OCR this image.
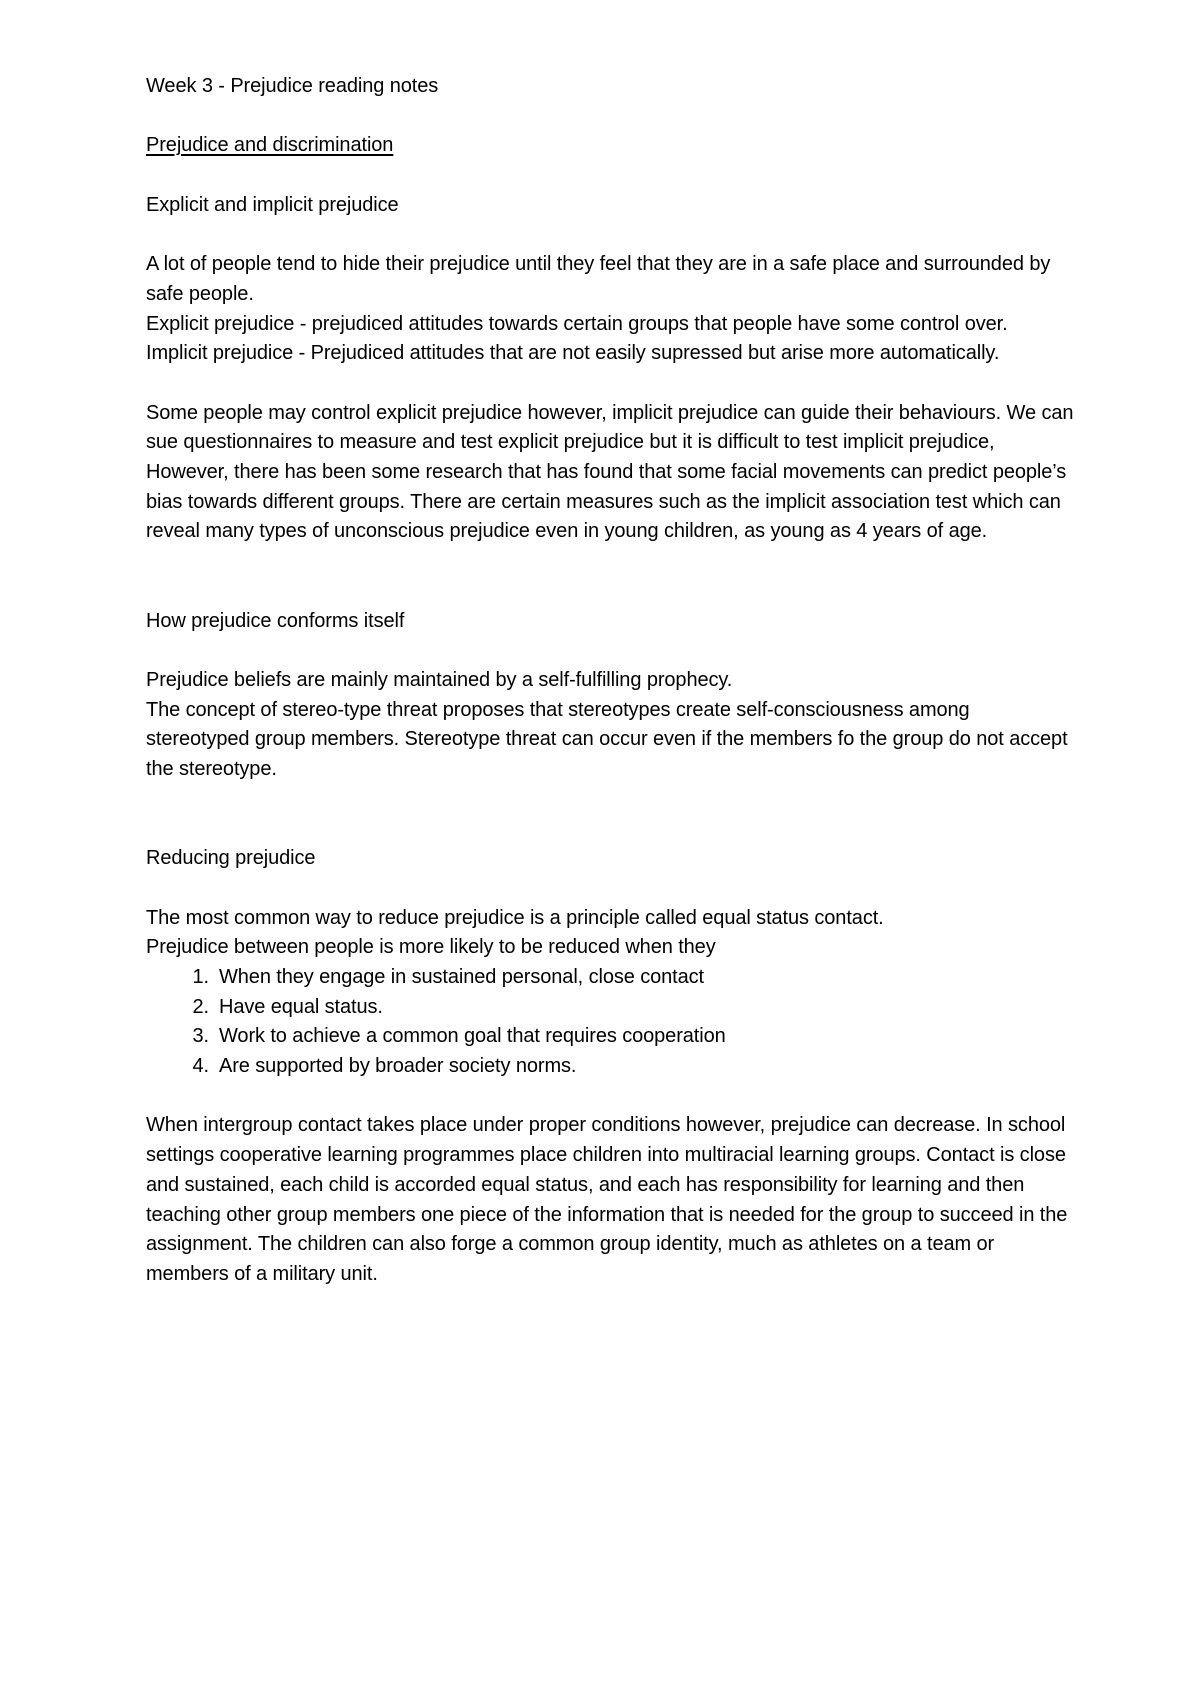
Week 3 - Prejudice reading notes

Prejudice and discrimination

Explicit and implicit prejudice

A lot of people tend to hide their prejudice until they feel that they are in a safe place and surrounded by safe people.

Explicit prejudice - prejudiced attitudes towards certain groups that people have some control over.

Implicit prejudice - Prejudiced attitudes that are not easily supressed but arise more automatically.

Some people may control explicit prejudice however, implicit prejudice can guide their behaviours. We can sue questionnaires to measure and test explicit prejudice but it is difficult to test implicit prejudice, However, there has been some research that has found that some facial movements can predict people’s bias towards different groups. There are certain measures such as the implicit association test which can reveal many types of unconscious prejudice even in young children, as young as 4 years of age.

How prejudice conforms itself

Prejudice beliefs are mainly maintained by a self-fulfilling prophecy.

The concept of stereo-type threat proposes that stereotypes create self-consciousness among stereotyped group members. Stereotype threat can occur even if the members fo the group do not accept the stereotype.

Reducing prejudice

The most common way to reduce prejudice is a principle called equal status contact.

Prejudice between people is more likely to be reduced when they

1. When they engage in sustained personal, close contact
2. Have equal status.
3. Work to achieve a common goal that requires cooperation
4. Are supported by broader society norms.

When intergroup contact takes place under proper conditions however, prejudice can decrease. In school settings cooperative learning programmes place children into multiracial learning groups. Contact is close and sustained, each child is accorded equal status, and each has responsibility for learning and then teaching other group members one piece of the information that is needed for the group to succeed in the assignment. The children can also forge a common group identity, much as athletes on a team or members of a military unit.
